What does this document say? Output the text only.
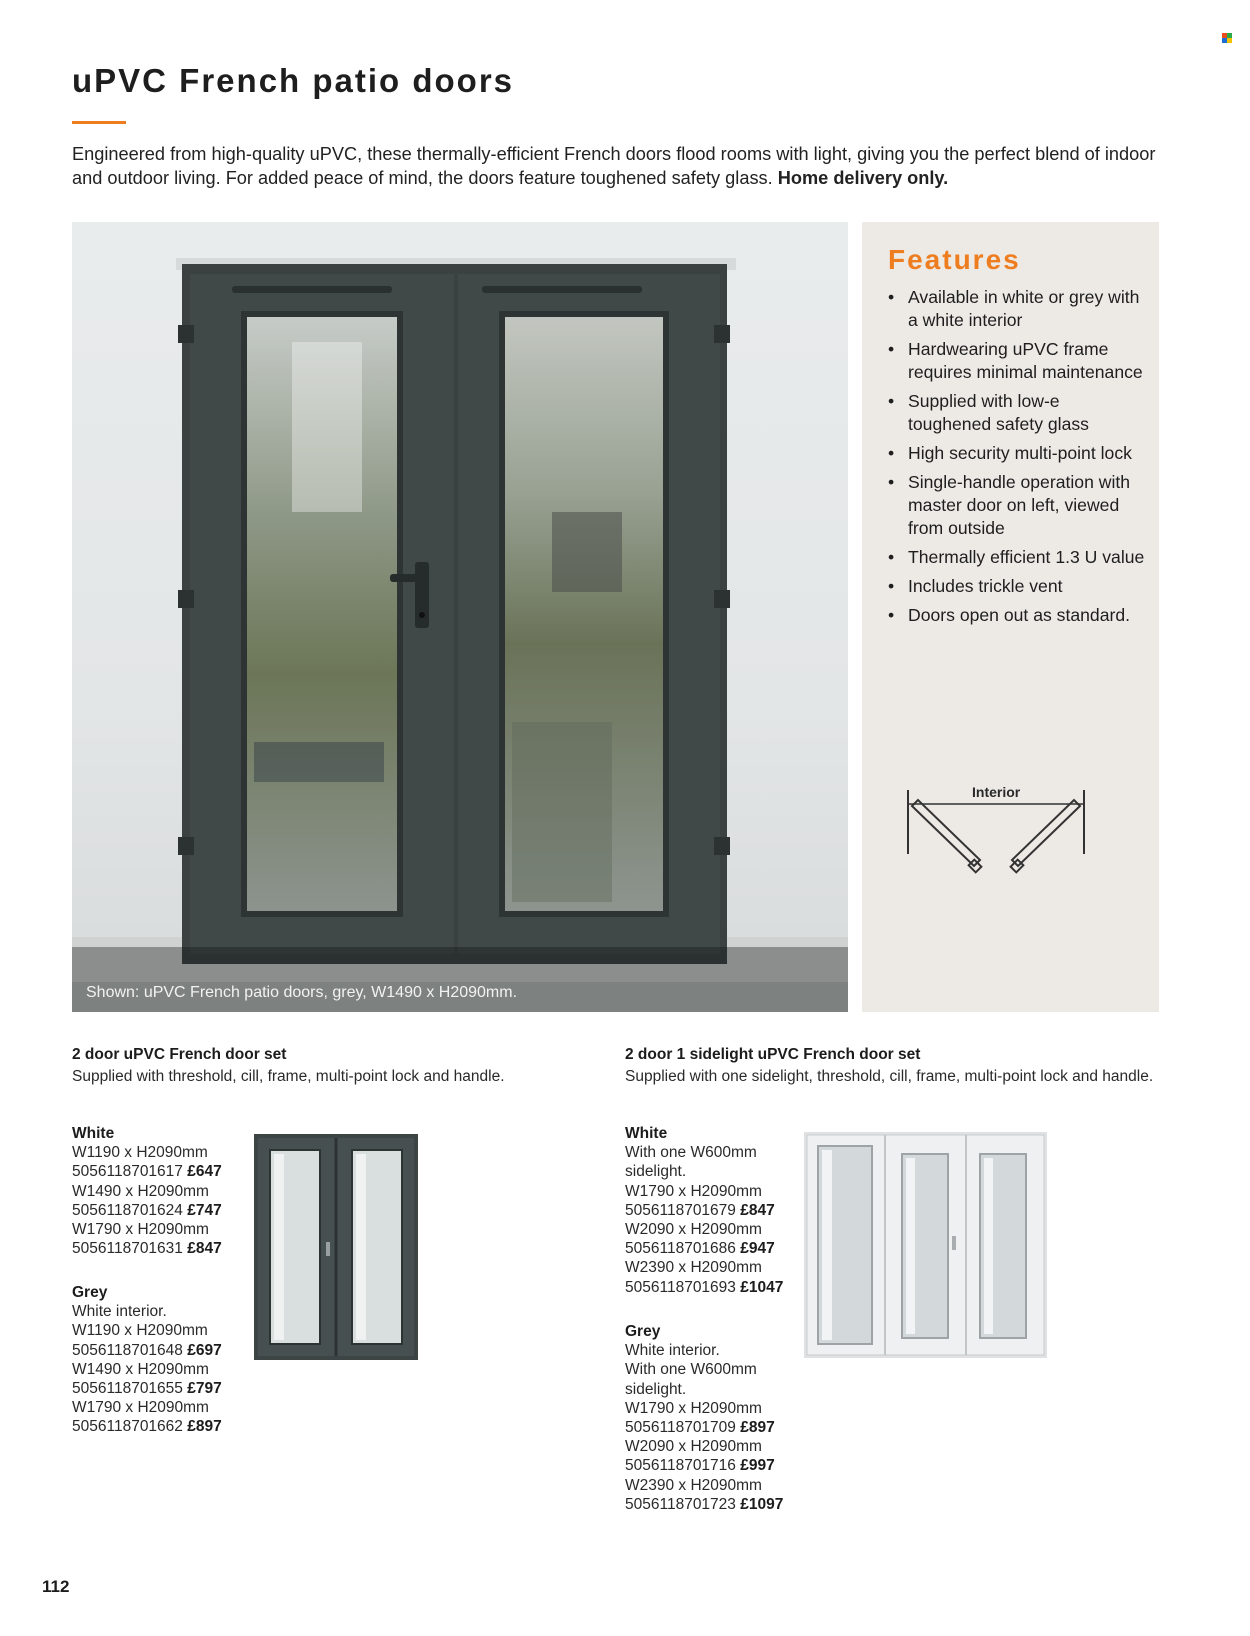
uPVC French patio doors
Engineered from high-quality uPVC, these thermally-efficient French doors flood rooms with light, giving you the perfect blend of indoor and outdoor living. For added peace of mind, the doors feature toughened safety glass. Home delivery only.
Shown: uPVC French patio doors, grey, W1490 x H2090mm.
Features
• Available in white or grey with a white interior
• Hardwearing uPVC frame requires minimal maintenance
• Supplied with low-e toughened safety glass
• High security multi-point lock
• Single-handle operation with master door on left, viewed from outside
• Thermally efficient 1.3 U value
• Includes trickle vent
• Doors open out as standard.
Interior
2 door uPVC French door set
Supplied with threshold, cill, frame, multi-point lock and handle.
White
W1190 x H2090mm
5056118701617 £647
W1490 x H2090mm
5056118701624 £747
W1790 x H2090mm
5056118701631 £847
Grey
White interior.
W1190 x H2090mm
5056118701648 £697
W1490 x H2090mm
5056118701655 £797
W1790 x H2090mm
5056118701662 £897
2 door 1 sidelight uPVC French door set
Supplied with one sidelight, threshold, cill, frame, multi-point lock and handle.
White
With one W600mm
sidelight.
W1790 x H2090mm
5056118701679 £847
W2090 x H2090mm
5056118701686 £947
W2390 x H2090mm
5056118701693 £1047
Grey
White interior.
With one W600mm
sidelight.
W1790 x H2090mm
5056118701709 £897
W2090 x H2090mm
5056118701716 £997
W2390 x H2090mm
5056118701723 £1097
112
